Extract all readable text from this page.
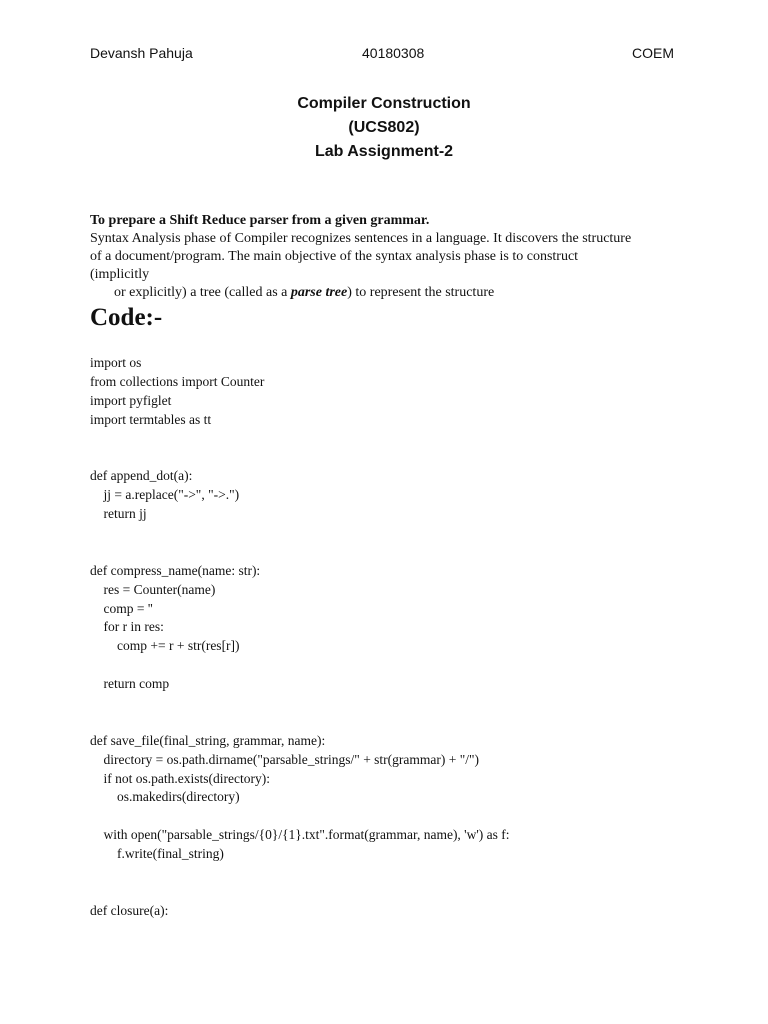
Devansh Pahuja	40180308	COEM
Compiler Construction
(UCS802)
Lab Assignment-2
To prepare a Shift Reduce parser from a given grammar.
Syntax Analysis phase of Compiler recognizes sentences in a language. It discovers the structure
of a document/program. The main objective of the syntax analysis phase is to construct
(implicitly
or explicitly) a tree (called as a parse tree) to represent the structure
Code:-
import os
from collections import Counter
import pyfiglet
import termtables as tt
def append_dot(a):
jj = a.replace("->", "->.")
return jj
def compress_name(name: str):
res = Counter(name)
comp = ''
for r in res:
comp += r + str(res[r])
return comp
def save_file(final_string, grammar, name):
directory = os.path.dirname("parsable_strings/" + str(grammar) + "/")
if not os.path.exists(directory):
os.makedirs(directory)
with open("parsable_strings/{0}/{1}.txt".format(grammar, name), 'w') as f:
f.write(final_string)
def closure(a):
